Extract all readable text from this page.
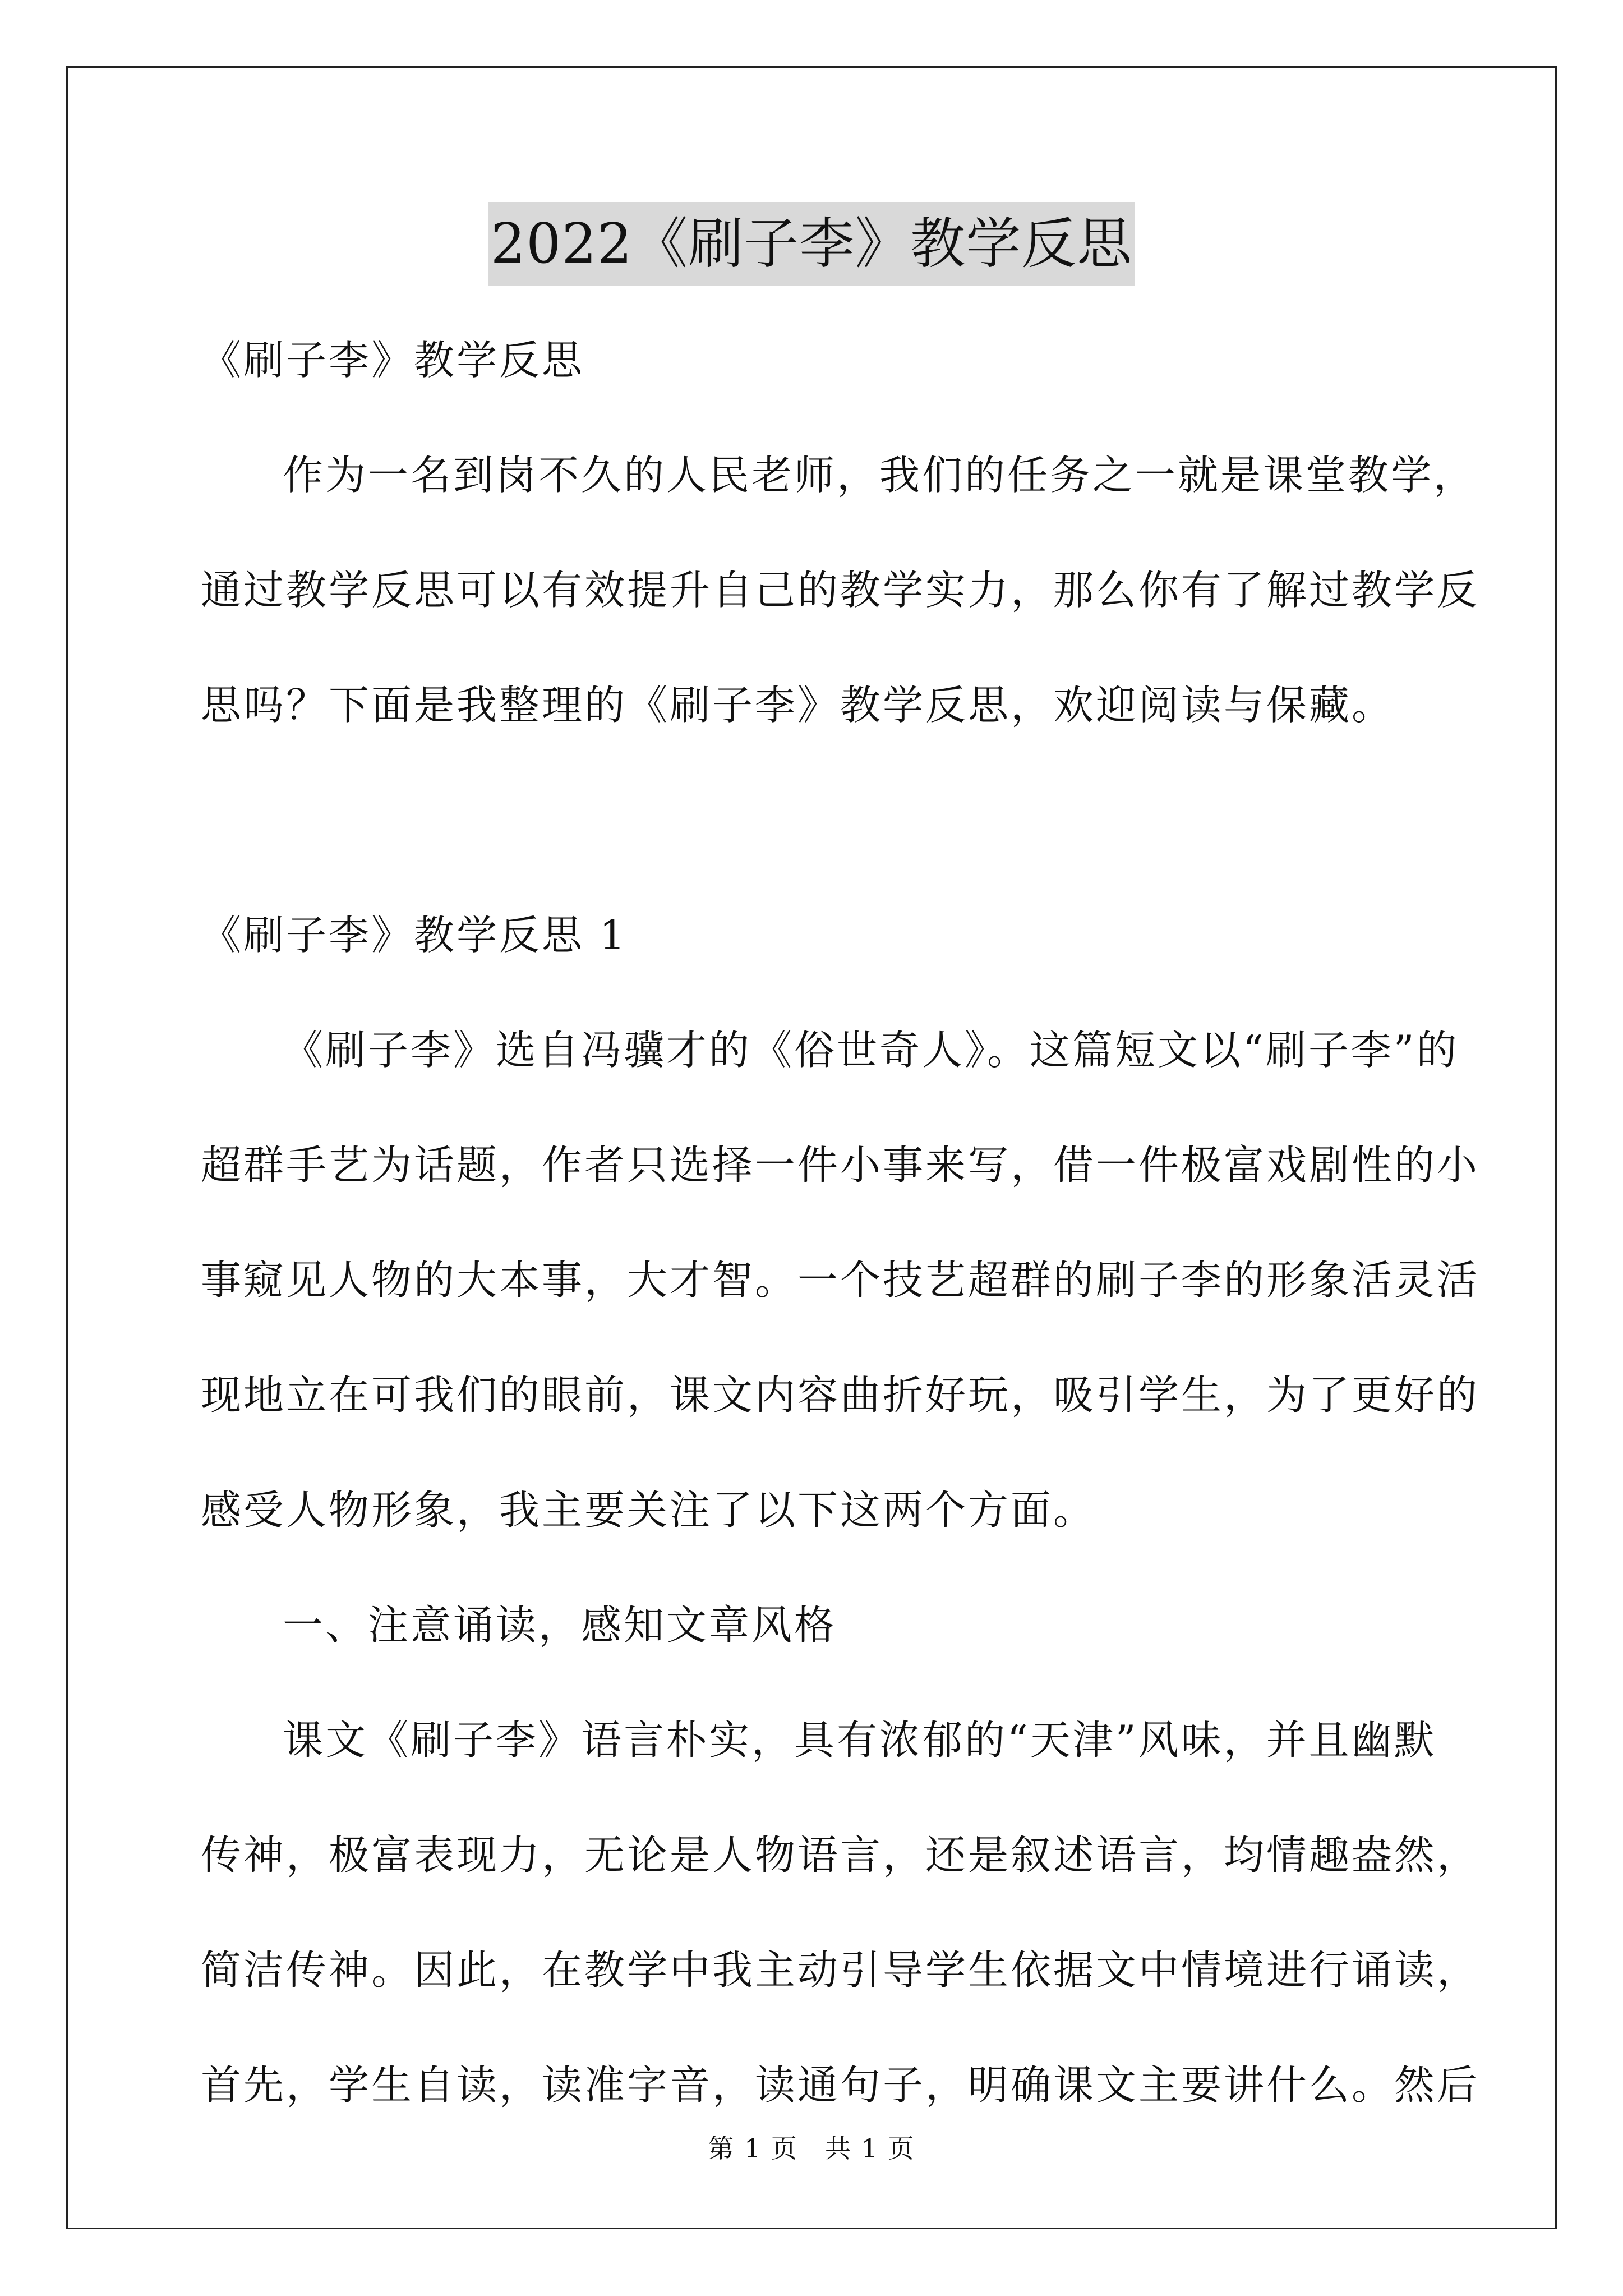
2022《刷子李》教学反思
《刷子李》教学反思
作为一名到岗不久的人民老师，我们的任务之一就是课堂教学，
通过教学反思可以有效提升自己的教学实力，那么你有了解过教学反
思吗？下面是我整理的《刷子李》教学反思，欢迎阅读与保藏。
《刷子李》教学反思 1
《刷子李》选自冯骥才的《俗世奇人》。这篇短文以“刷子李”的
超群手艺为话题，作者只选择一件小事来写，借一件极富戏剧性的小
事窥见人物的大本事，大才智。一个技艺超群的刷子李的形象活灵活
现地立在可我们的眼前，课文内容曲折好玩，吸引学生，为了更好的
感受人物形象，我主要关注了以下这两个方面。
一、注意诵读，感知文章风格
课文《刷子李》语言朴实，具有浓郁的“天津”风味，并且幽默
传神，极富表现力，无论是人物语言，还是叙述语言，均情趣盎然，
简洁传神。因此，在教学中我主动引导学生依据文中情境进行诵读，
首先，学生自读，读准字音，读通句子，明确课文主要讲什么。然后
第 1 页　共 1 页
